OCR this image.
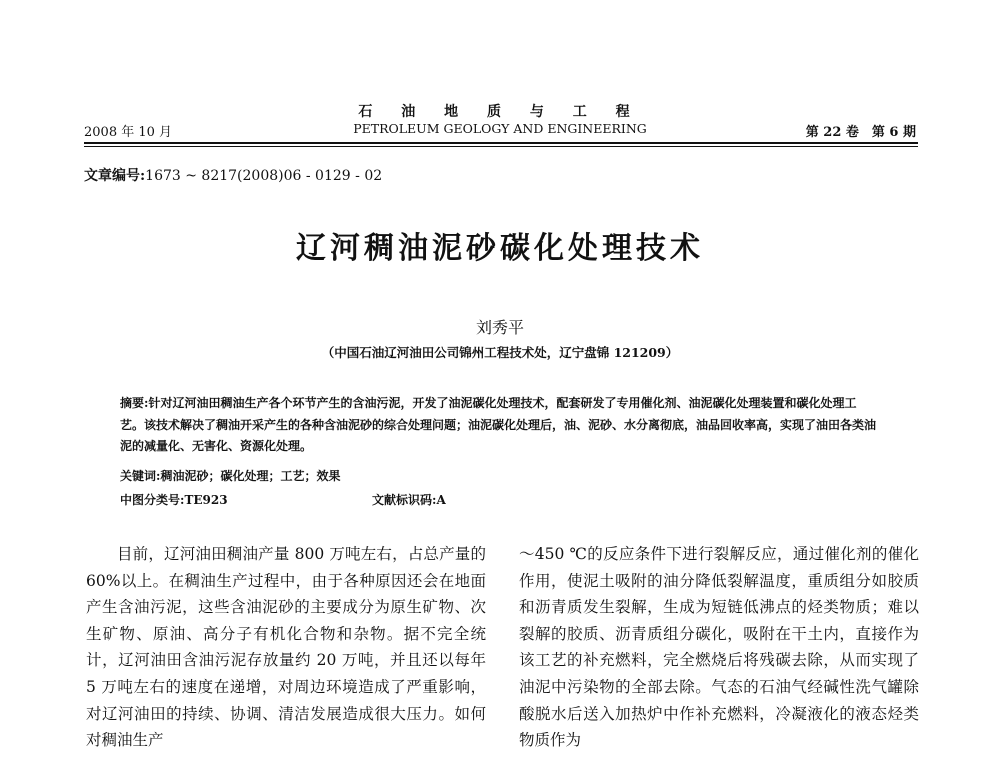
石 油 地 质 与 工 程
2008 年 10 月	PETROLEUM GEOLOGY AND ENGINEERING	第 22 卷　第 6 期
文章编号:1673 ~ 8217(2008)06 - 0129 - 02
辽河稠油泥砂碳化处理技术
刘秀平
（中国石油辽河油田公司锦州工程技术处，辽宁盘锦 121209）
摘要:针对辽河油田稠油生产各个环节产生的含油污泥，开发了油泥碳化处理技术，配套研发了专用催化剂、油泥碳化处理装置和碳化处理工艺。该技术解决了稠油开采产生的各种含油泥砂的综合处理问题；油泥碳化处理后，油、泥砂、水分离彻底，油品回收率高，实现了油田各类油泥的减量化、无害化、资源化处理。
关键词:稠油泥砂；碳化处理；工艺；效果
中图分类号:TE923	文献标识码:A

目前，辽河油田稠油产量 800 万吨左右，占总产量的 60%以上。在稠油生产过程中，由于各种原因还会在地面产生含油污泥，这些含油泥砂的主要成分为原生矿物、次生矿物、原油、高分子有机化合物和杂物。据不完全统计，辽河油田含油污泥存放量约 20 万吨，并且还以每年 5 万吨左右的速度在递增，对周边环境造成了严重影响，对辽河油田的持续、协调、清洁发展造成很大压力。如何对稠油生产

～450 ℃的反应条件下进行裂解反应，通过催化剂的催化作用，使泥土吸附的油分降低裂解温度，重质组分如胶质和沥青质发生裂解，生成为短链低沸点的烃类物质；难以裂解的胶质、沥青质组分碳化，吸附在干土内，直接作为该工艺的补充燃料，完全燃烧后将残碳去除，从而实现了油泥中污染物的全部去除。气态的石油气经碱性洗气罐除酸脱水后送入加热炉中作补充燃料，冷凝液化的液态烃类物质作为
